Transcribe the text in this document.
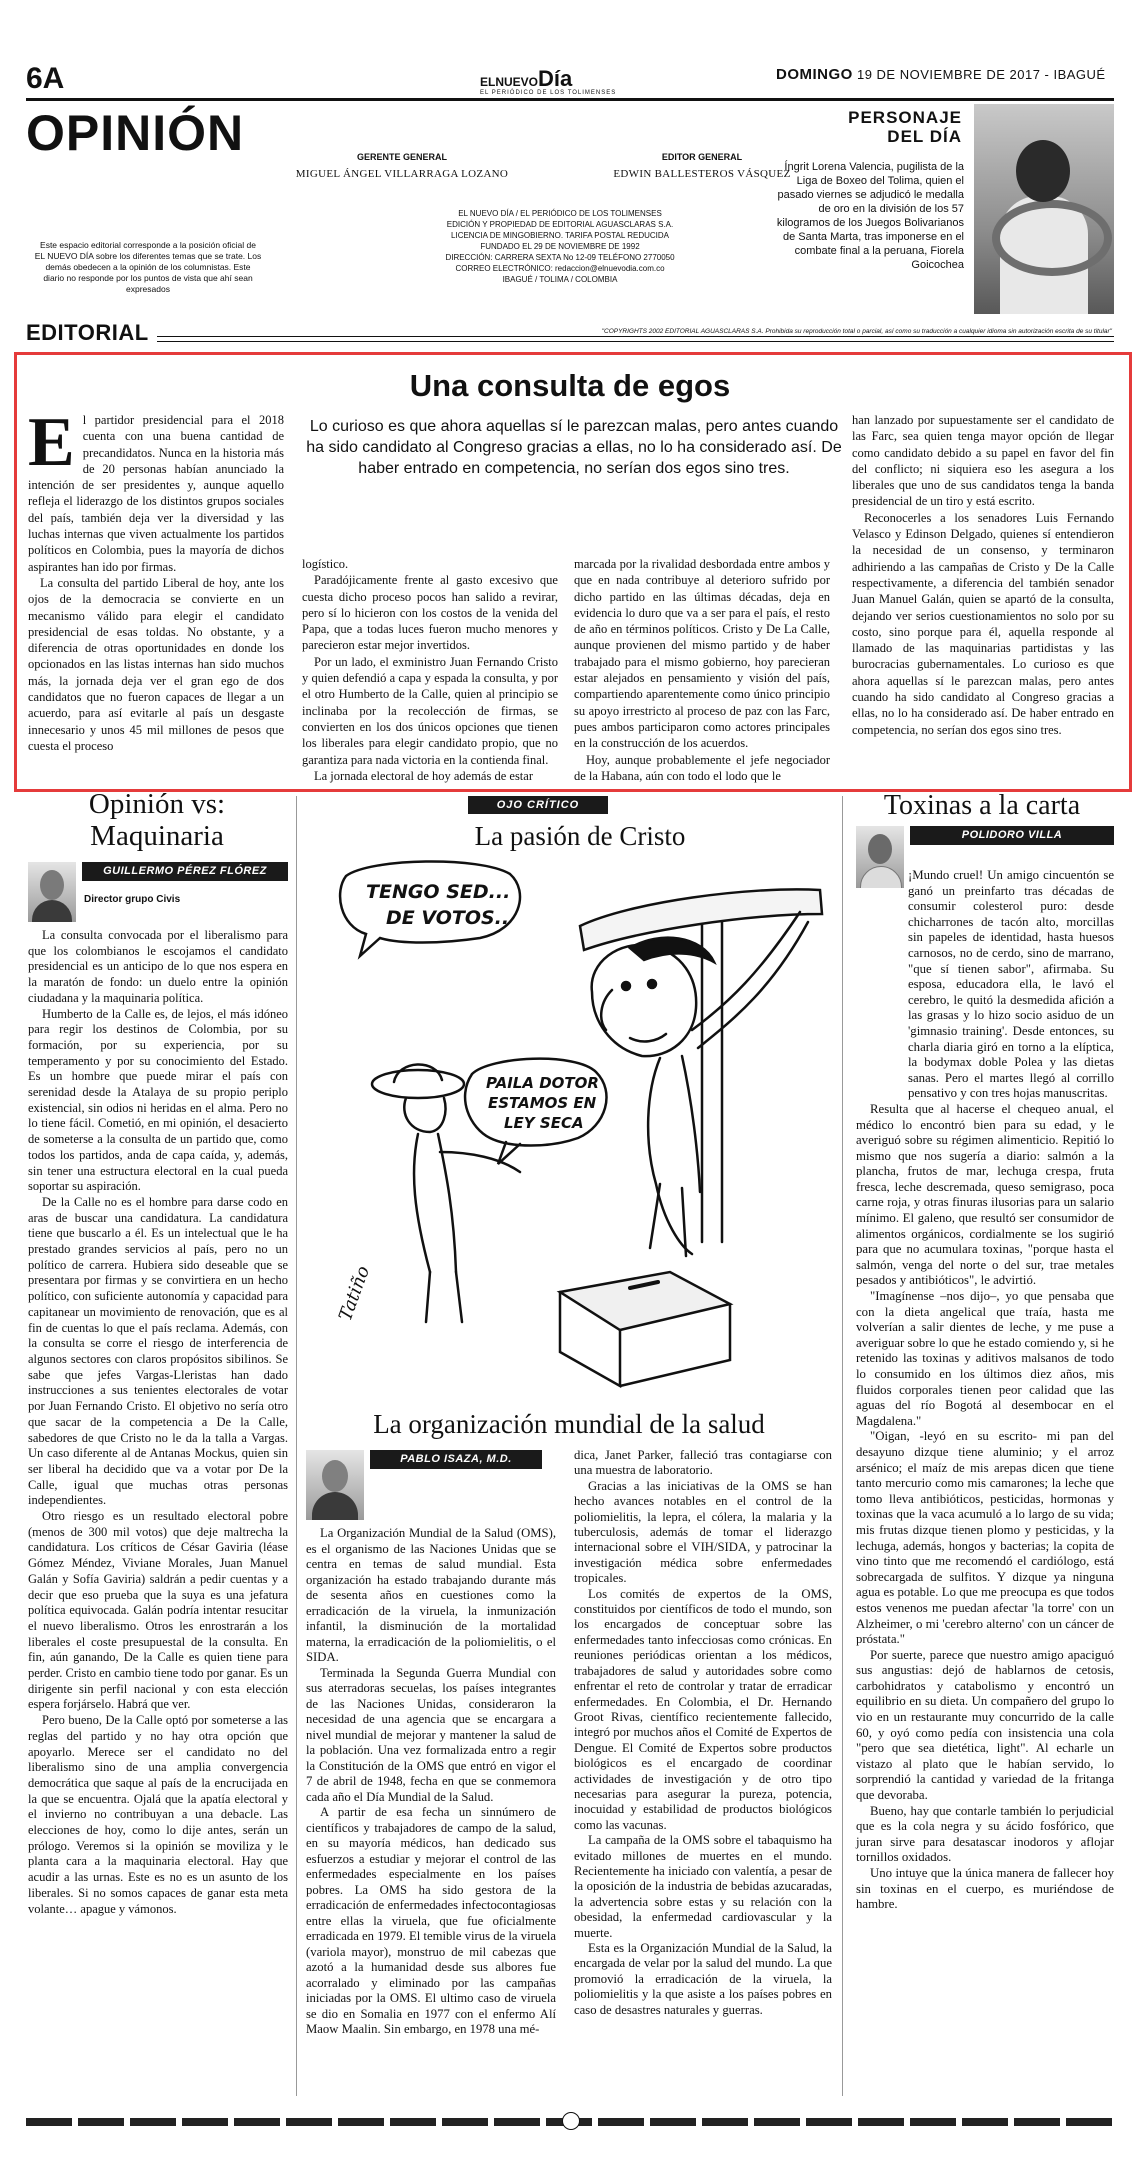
6A	ELNUEVODía
EL PERIÓDICO DE LOS TOLIMENSES
DOMINGO 19 DE NOVIEMBRE DE 2017 - IBAGUÉ
OPINIÓN	GERENTE GENERAL
MIGUEL ÁNGEL VILLARRAGA LOZANO
EDITOR GENERAL
EDWIN BALLESTEROS VÁSQUEZ
EL NUEVO DÍA / EL PERIÓDICO DE LOS TOLIMENSES
EDICIÓN Y PROPIEDAD DE EDITORIAL AGUASCLARAS S.A.
LICENCIA DE MINGOBIERNO. TARIFA POSTAL REDUCIDA
FUNDADO EL 29 DE NOVIEMBRE DE 1992
DIRECCIÓN: CARRERA SEXTA No 12-09 TELÉFONO 2770050
CORREO ELECTRÓNICO: redaccion@elnuevodia.com.co
IBAGUÉ / TOLIMA / COLOMBIA
Este espacio editorial corresponde a la posición oficial de EL NUEVO DÍA sobre los diferentes temas que se trate. Los demás obedecen a la opinión de los columnistas. Este diario no responde por los puntos de vista que ahí sean expresados
PERSONAJE
DEL DÍA
Íngrit Lorena Valencia, pugilista de la Liga de Boxeo del Tolima, quien el pasado viernes se adjudicó le medalla de oro en la división de los 57 kilogramos de los Juegos Bolivarianos de Santa Marta, tras imponerse en el combate final a la peruana, Fiorela Goicochea
EDITORIAL	"COPYRIGHTS 2002 EDITORIAL AGUASCLARAS S.A. Prohibida su reproducción total o parcial, así como su traducción a cualquier idioma sin autorización escrita de su titular"
Una consulta de egos
E l partidor presidencial para el 2018 cuenta con una buena cantidad de precandidatos. Nunca en la historia más de 20 personas habían anunciado la intención de ser presidentes y, aunque aquello refleja el liderazgo de los distintos grupos sociales del país, también deja ver la diversidad y las luchas internas que viven actualmente los partidos políticos en Colombia, pues la mayoría de dichos aspirantes han ido por firmas.
La consulta del partido Liberal de hoy, ante los ojos de la democracia se convierte en un mecanismo válido para elegir el candidato presidencial de esas toldas. No obstante, y a diferencia de otras oportunidades en donde los opcionados en las listas internas han sido muchos más, la jornada deja ver el gran ego de dos candidatos que no fueron capaces de llegar a un acuerdo, para así evitarle al país un desgaste innecesario y unos 45 mil millones de pesos que cuesta el proceso
Lo curioso es que ahora aquellas sí le parezcan malas, pero antes cuando ha sido candidato al Congreso gracias a ellas, no lo ha considerado así. De haber entrado en competencia, no serían dos egos sino tres.
logístico.
Paradójicamente frente al gasto excesivo que cuesta dicho proceso pocos han salido a revirar, pero sí lo hicieron con los costos de la venida del Papa, que a todas luces fueron mucho menores y parecieron estar mejor invertidos.
Por un lado, el exministro Juan Fernando Cristo y quien defendió a capa y espada la consulta, y por el otro Humberto de la Calle, quien al principio se inclinaba por la recolección de firmas, se convierten en los dos únicos opciones que tienen los liberales para elegir candidato propio, que no garantiza para nada victoria en la contienda final.
La jornada electoral de hoy además de estar
marcada por la rivalidad desbordada entre ambos y que en nada contribuye al deterioro sufrido por dicho partido en las últimas décadas, deja en evidencia lo duro que va a ser para el país, el resto de año en términos políticos. Cristo y De La Calle, aunque provienen del mismo partido y de haber trabajado para el mismo gobierno, hoy parecieran estar alejados en pensamiento y visión del país, compartiendo aparentemente como único principio su apoyo irrestricto al proceso de paz con las Farc, pues ambos participaron como actores principales en la construcción de los acuerdos.
Hoy, aunque probablemente el jefe negociador de la Habana, aún con todo el lodo que le
han lanzado por supuestamente ser el candidato de las Farc, sea quien tenga mayor opción de llegar como candidato debido a su papel en favor del fin del conflicto; ni siquiera eso les asegura a los liberales que uno de sus candidatos tenga la banda presidencial de un tiro y está escrito.
Reconocerles a los senadores Luis Fernando Velasco y Edinson Delgado, quienes sí entendieron la necesidad de un consenso, y terminaron adhiriendo a las campañas de Cristo y De la Calle respectivamente, a diferencia del también senador Juan Manuel Galán, quien se apartó de la consulta, dejando ver serios cuestionamientos no solo por su costo, sino porque para él, aquella responde al llamado de las maquinarias partidistas y las burocracias gubernamentales. Lo curioso es que ahora aquellas sí le parezcan malas, pero antes cuando ha sido candidato al Congreso gracias a ellas, no lo ha considerado así. De haber entrado en competencia, no serían dos egos sino tres.
Opinión vs:
Maquinaria
GUILLERMO PÉREZ FLÓREZ
Director grupo Civis

La consulta convocada por el liberalismo para que los colombianos le escojamos el candidato presidencial es un anticipo de lo que nos espera en la maratón de fondo: un duelo entre la opinión ciudadana y la maquinaria política.

Humberto de la Calle es, de lejos, el más idóneo para regir los destinos de Colombia, por su formación, por su experiencia, por su temperamento y por su conocimiento del Estado. Es un hombre que puede mirar el país con serenidad desde la Atalaya de su propio periplo existencial, sin odios ni heridas en el alma. Pero no lo tiene fácil. Cometió, en mi opinión, el desacierto de someterse a la consulta de un partido que, como todos los partidos, anda de capa caída, y, además, sin tener una estructura electoral en la cual pueda soportar su aspiración.

De la Calle no es el hombre para darse codo en aras de buscar una candidatura. La candidatura tiene que buscarlo a él. Es un intelectual que le ha prestado grandes servicios al país, pero no un político de carrera. Hubiera sido deseable que se presentara por firmas y se convirtiera en un hecho político, con suficiente autonomía y capacidad para capitanear un movimiento de renovación, que es al fin de cuentas lo que el país reclama. Además, con la consulta se corre el riesgo de interferencia de algunos sectores con claros propósitos sibilinos. Se sabe que jefes Vargas-Lleristas han dado instrucciones a sus tenientes electorales de votar por Juan Fernando Cristo. El objetivo no sería otro que sacar de la competencia a De la Calle, sabedores de que Cristo no le da la talla a Vargas. Un caso diferente al de Antanas Mockus, quien sin ser liberal ha decidido que va a votar por De la Calle, igual que muchas otras personas independientes.

Otro riesgo es un resultado electoral pobre (menos de 300 mil votos) que deje maltrecha la candidatura. Los críticos de César Gaviria (léase Gómez Méndez, Viviane Morales, Juan Manuel Galán y Sofía Gaviria) saldrán a pedir cuentas y a decir que eso prueba que la suya es una jefatura política equivocada. Galán podría intentar resucitar el nuevo liberalismo. Otros les enrostrarán a los liberales el coste presupuestal de la consulta. En fin, aún ganando, De la Calle es quien tiene para perder. Cristo en cambio tiene todo por ganar. Es un dirigente sin perfil nacional y con esta elección espera forjárselo. Habrá que ver.

Pero bueno, De la Calle optó por someterse a las reglas del partido y no hay otra opción que apoyarlo. Merece ser el candidato no del liberalismo sino de una amplia convergencia democrática que saque al país de la encrucijada en la que se encuentra. Ojalá que la apatía electoral y el invierno no contribuyan a una debacle. Las elecciones de hoy, como lo dije antes, serán un prólogo. Veremos si la opinión se moviliza y le planta cara a la maquinaria electoral. Hay que acudir a las urnas. Este es no es un asunto de los liberales. Si no somos capaces de ganar esta meta volante… apague y vámonos.

OJO CRÍTICO
La pasión de Cristo
TENGO SED...
DE VOTOS..
PAILA DOTOR
ESTAMOS EN
LEY SECA
Tatiño
La organización mundial de la salud
PABLO ISAZA, M.D.

La Organización Mundial de la Salud (OMS), es el organismo de las Naciones Unidas que se centra en temas de salud mundial. Esta organización ha estado trabajando durante más de sesenta años en cuestiones como la erradicación de la viruela, la inmunización infantil, la disminución de la mortalidad materna, la erradicación de la poliomielitis, o el SIDA.

Terminada la Segunda Guerra Mundial con sus aterradoras secuelas, los países integrantes de las Naciones Unidas, consideraron la necesidad de una agencia que se encargara a nivel mundial de mejorar y mantener la salud de la población. Una vez formalizada entro a regir la Constitución de la OMS que entró en vigor el 7 de abril de 1948, fecha en que se conmemora cada año el Día Mundial de la Salud.

A partir de esa fecha un sinnúmero de científicos y trabajadores de campo de la salud, en su mayoría médicos, han dedicado sus esfuerzos a estudiar y mejorar el control de las enfermedades especialmente en los países pobres. La OMS ha sido gestora de la erradicación de enfermedades infectocontagiosas entre ellas la viruela, que fue oficialmente erradicada en 1979. El temible virus de la viruela (variola mayor), monstruo de mil cabezas que azotó a la humanidad desde sus albores fue acorralado y eliminado por las campañas iniciadas por la OMS. El ultimo caso de viruela se dio en Somalia en 1977 con el enfermo Alí Maow Maalin. Sin embargo, en 1978 una mé-

dica, Janet Parker, falleció tras contagiarse con una muestra de laboratorio.

Gracias a las iniciativas de la OMS se han hecho avances notables en el control de la poliomielitis, la lepra, el cólera, la malaria y la tuberculosis, además de tomar el liderazgo internacional sobre el VIH/SIDA, y patrocinar la investigación médica sobre enfermedades tropicales.

Los comités de expertos de la OMS, constituidos por científicos de todo el mundo, son los encargados de conceptuar sobre las enfermedades tanto infecciosas como crónicas. En reuniones periódicas orientan a los médicos, trabajadores de salud y autoridades sobre como enfrentar el reto de controlar y tratar de erradicar enfermedades. En Colombia, el Dr. Hernando Groot Rivas, científico recientemente fallecido, integró por muchos años el Comité de Expertos de Dengue. El Comité de Expertos sobre productos biológicos es el encargado de coordinar actividades de investigación y de otro tipo necesarias para asegurar la pureza, potencia, inocuidad y estabilidad de productos biológicos como las vacunas.

La campaña de la OMS sobre el tabaquismo ha evitado millones de muertes en el mundo. Recientemente ha iniciado con valentía, a pesar de la oposición de la industria de bebidas azucaradas, la advertencia sobre estas y su relación con la obesidad, la enfermedad cardiovascular y la muerte.

Esta es la Organización Mundial de la Salud, la encargada de velar por la salud del mundo. La que promovió la erradicación de la viruela, la poliomielitis y la que asiste a los países pobres en caso de desastres naturales y guerras.

Toxinas a la carta
POLIDORO VILLA

¡Mundo cruel! Un amigo cincuentón se ganó un preinfarto tras décadas de consumir colesterol puro: desde chicharrones de tacón alto, morcillas sin papeles de identidad, hasta huesos carnosos, no de cerdo, sino de marrano, "que sí tienen sabor", afirmaba. Su esposa, educadora ella, le lavó el cerebro, le quitó la desmedida afición a las grasas y lo hizo socio asiduo de un 'gimnasio training'. Desde entonces, su charla diaria giró en torno a la elíptica, la bodymax doble Polea y las dietas sanas. Pero el martes llegó al corrillo pensativo y con tres hojas manuscritas.

Resulta que al hacerse el chequeo anual, el médico lo encontró bien para su edad, y le averiguó sobre su régimen alimenticio. Repitió lo mismo que nos sugería a diario: salmón a la plancha, frutos de mar, lechuga crespa, fruta fresca, leche descremada, queso semigraso, poca carne roja, y otras finuras ilusorias para un salario mínimo. El galeno, que resultó ser consumidor de alimentos orgánicos, cordialmente se los sugirió para que no acumulara toxinas, "porque hasta el salmón, venga del norte o del sur, trae metales pesados y antibióticos", le advirtió.

"Imagínense –nos dijo–, yo que pensaba que con la dieta angelical que traía, hasta me volverían a salir dientes de leche, y me puse a averiguar sobre lo que he estado comiendo y, si he retenido las toxinas y aditivos malsanos de todo lo consumido en los últimos diez años, mis fluidos corporales tienen peor calidad que las aguas del río Bogotá al desembocar en el Magdalena."

"Oigan, -leyó en su escrito- mi pan del desayuno dizque tiene aluminio; y el arroz arsénico; el maíz de mis arepas dicen que tiene tanto mercurio como mis camarones; la leche que tomo lleva antibióticos, pesticidas, hormonas y toxinas que la vaca acumuló a lo largo de su vida; mis frutas dizque tienen plomo y pesticidas, y la lechuga, además, hongos y bacterias; la copita de vino tinto que me recomendó el cardiólogo, está sobrecargada de sulfitos. Y dizque ya ninguna agua es potable. Lo que me preocupa es que todos estos venenos me puedan afectar 'la torre' con un Alzheimer, o mi 'cerebro alterno' con un cáncer de próstata."

Por suerte, parece que nuestro amigo apaciguó sus angustias: dejó de hablarnos de cetosis, carbohidratos y catabolismo y encontró un equilibrio en su dieta. Un compañero del grupo lo vio en un restaurante muy concurrido de la calle 60, y oyó como pedía con insistencia una cola "pero que sea dietética, light". Al echarle un vistazo al plato que le habían servido, lo sorprendió la cantidad y variedad de la fritanga que devoraba.

Bueno, hay que contarle también lo perjudicial que es la cola negra y su ácido fosfórico, que juran sirve para desatascar inodoros y aflojar tornillos oxidados.

Uno intuye que la única manera de fallecer hoy sin toxinas en el cuerpo, es muriéndose de hambre.
